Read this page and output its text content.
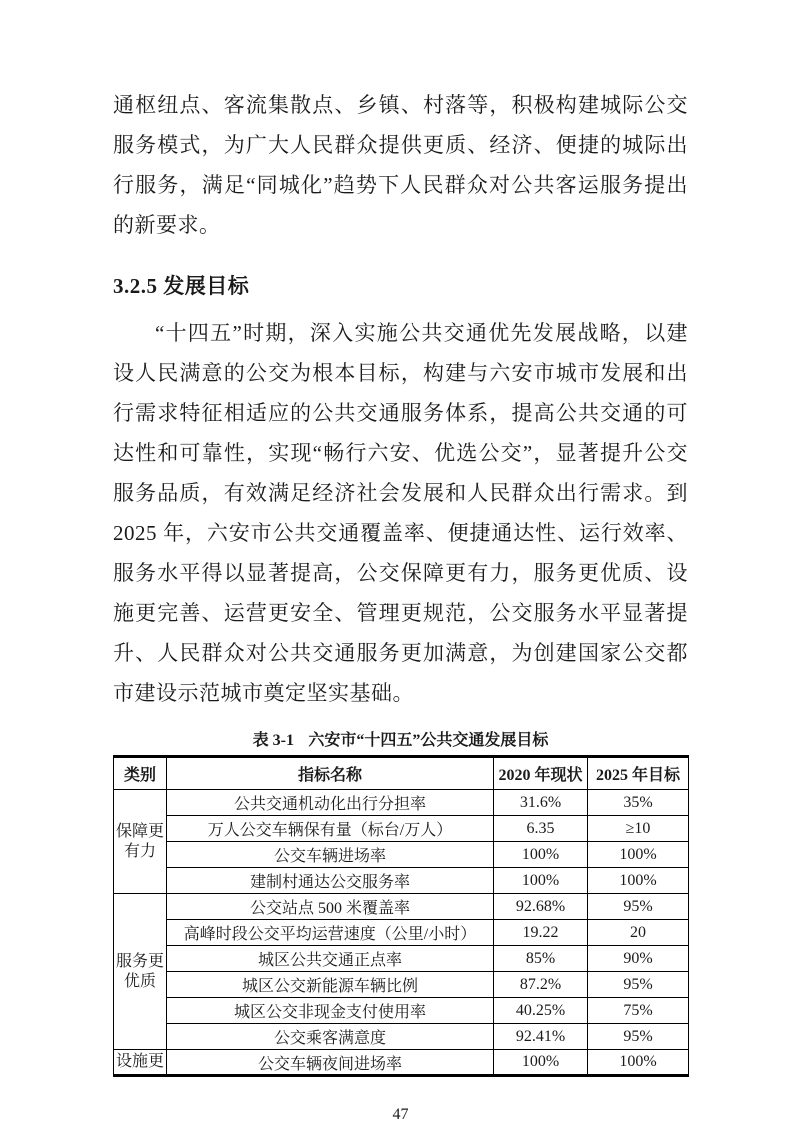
通枢纽点、客流集散点、乡镇、村落等，积极构建城际公交服务模式，为广大人民群众提供更质、经济、便捷的城际出行服务，满足“同城化”趋势下人民群众对公共客运服务提出的新要求。

3.2.5 发展目标

“十四五”时期，深入实施公共交通优先发展战略，以建设人民满意的公交为根本目标，构建与六安市城市发展和出行需求特征相适应的公共交通服务体系，提高公共交通的可达性和可靠性，实现“畅行六安、优选公交”，显著提升公交服务品质，有效满足经济社会发展和人民群众出行需求。到 2025 年，六安市公共交通覆盖率、便捷通达性、运行效率、服务水平得以显著提高，公交保障更有力，服务更优质、设施更完善、运营更安全、管理更规范，公交服务水平显著提升、人民群众对公共交通服务更加满意，为创建国家公交都市建设示范城市奠定坚实基础。

表 3-1 六安市“十四五”公共交通发展目标
类别	指标名称	2020 年现状	2025 年目标
保障更有力	公共交通机动化出行分担率	31.6%	35%
	万人公交车辆保有量（标台/万人）	6.35	≥10
	公交车辆进场率	100%	100%
	建制村通达公交服务率	100%	100%
服务更优质	公交站点 500 米覆盖率	92.68%	95%
	高峰时段公交平均运营速度（公里/小时）	19.22	20
	城区公共交通正点率	85%	90%
	城区公交新能源车辆比例	87.2%	95%
	城区公交非现金支付使用率	40.25%	75%
	公交乘客满意度	92.41%	95%
设施更	公交车辆夜间进场率	100%	100%
47
